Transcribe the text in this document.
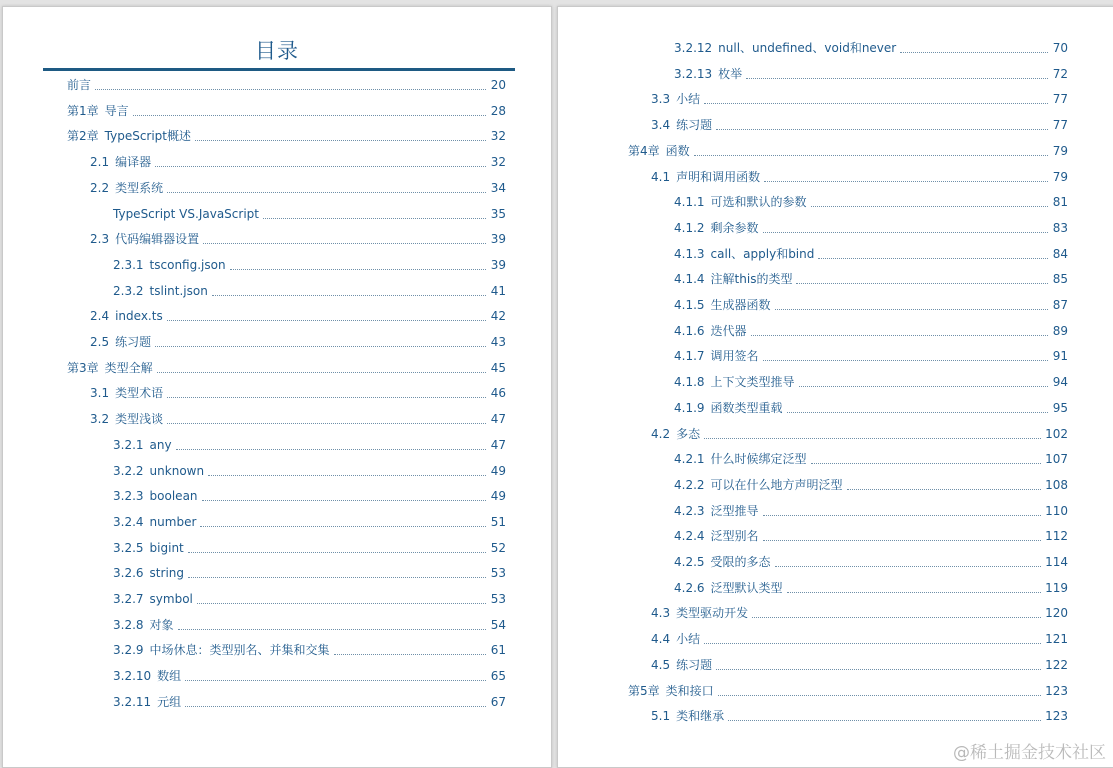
目录
前言	20
第1章 导言	28
第2章 TypeScript概述	32
2.1 编译器	32
2.2 类型系统	34
TypeScript VS.JavaScript	35
2.3 代码编辑器设置	39
2.3.1 tsconfig.json	39
2.3.2 tslint.json	41
2.4 index.ts	42
2.5 练习题	43
第3章 类型全解	45
3.1 类型术语	46
3.2 类型浅谈	47
3.2.1 any	47
3.2.2 unknown	49
3.2.3 boolean	49
3.2.4 number	51
3.2.5 bigint	52
3.2.6 string	53
3.2.7 symbol	53
3.2.8 对象	54
3.2.9 中场休息：类型别名、并集和交集	61
3.2.10 数组	65
3.2.11 元组	67
3.2.12 null、undefined、void和never	70
3.2.13 枚举	72
3.3 小结	77
3.4 练习题	77
第4章 函数	79
4.1 声明和调用函数	79
4.1.1 可选和默认的参数	81
4.1.2 剩余参数	83
4.1.3 call、apply和bind	84
4.1.4 注解this的类型	85
4.1.5 生成器函数	87
4.1.6 迭代器	89
4.1.7 调用签名	91
4.1.8 上下文类型推导	94
4.1.9 函数类型重载	95
4.2 多态	102
4.2.1 什么时候绑定泛型	107
4.2.2 可以在什么地方声明泛型	108
4.2.3 泛型推导	110
4.2.4 泛型别名	112
4.2.5 受限的多态	114
4.2.6 泛型默认类型	119
4.3 类型驱动开发	120
4.4 小结	121
4.5 练习题	122
第5章 类和接口	123
5.1 类和继承	123
@稀土掘金技术社区
